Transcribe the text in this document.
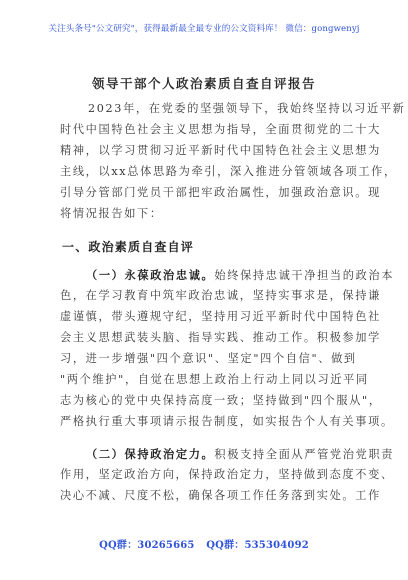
关注头条号"公文研究"，获得最新最全最专业的公文资料库！ 微信：gongwenyj
领导干部个人政治素质自查自评报告
2023年，在党委的坚强领导下，我始终坚持以习近平新
时代中国特色社会主义思想为指导，全面贯彻党的二十大
精神，以学习贯彻习近平新时代中国特色社会主义思想为
主线，以xx总体思路为牵引，深入推进分管领域各项工作，
引导分管部门党员干部把牢政治属性，加强政治意识。现
将情况报告如下：
一、政治素质自查自评
（一）永葆政治忠诚。始终保持忠诚干净担当的政治本
色，在学习教育中筑牢政治忠诚，坚持实事求是，保持谦
虚谨慎，带头遵规守纪，坚持用习近平新时代中国特色社
会主义思想武装头脑、指导实践、推动工作。积极参加学
习，进一步增强"四个意识"、坚定"四个自信"、做到
"两个维护"，自觉在思想上政治上行动上同以习近平同
志为核心的党中央保持高度一致；坚持做到"四个服从"，
严格执行重大事项请示报告制度，如实报告个人有关事项。
（二）保持政治定力。积极支持全面从严管党治党职责
作用，坚定政治方向，保持政治定力，坚持做到态度不变、
决心不减、尺度不松，确保各项工作任务落到实处。工作
QQ群：30265665 QQ群：535304092
